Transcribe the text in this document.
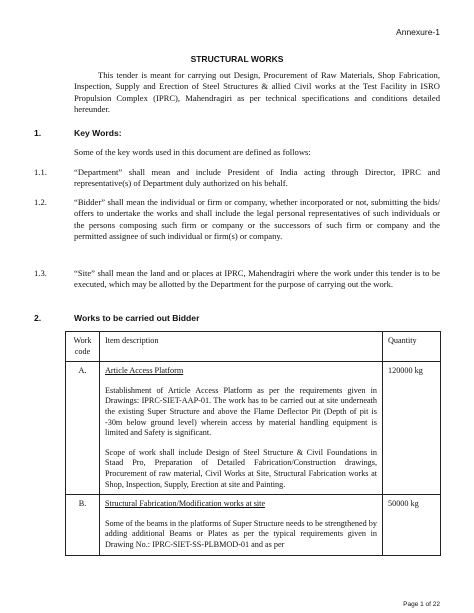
Annexure-1
STRUCTURAL WORKS
This tender is meant for carrying out Design, Procurement of Raw Materials, Shop Fabrication, Inspection, Supply and Erection of Steel Structures & allied Civil works at the Test Facility in ISRO Propulsion Complex (IPRC), Mahendragiri as per technical specifications and conditions detailed hereunder.
1.	Key Words:
Some of the key words used in this document are defined as follows:
1.1.	“Department” shall mean and include President of India acting through Director, IPRC and representative(s) of Department duly authorized on his behalf.
1.2.	“Bidder” shall mean the individual or firm or company, whether incorporated or not, submitting the bids/ offers to undertake the works and shall include the legal personal representatives of such individuals or the persons composing such firm or company or the successors of such firm or company and the permitted assignee of such individual or firm(s) or company.
1.3.	“Site” shall mean the land and or places at IPRC, Mahendragiri where the work under this tender is to be executed, which may be allotted by the Department for the purpose of carrying out the work.
2.	Works to be carried out Bidder
Work code	Item description	Quantity
A.	Article Access Platform

Establishment of Article Access Platform as per the requirements given in Drawings: IPRC-SIET-AAP-01. The work has to be carried out at site underneath the existing Super Structure and above the Flame Deflector Pit (Depth of pit is -30m below ground level) wherein access by material handling equipment is limited and Safety is significant.

Scope of work shall include Design of Steel Structure & Civil Foundations in Staad Pro, Preparation of Detailed Fabrication/Construction drawings, Procurement of raw material, Civil Works at Site, Structural Fabrication works at Shop, Inspection, Supply, Erection at site and Painting.	120000 kg
B.	Structural Fabrication/Modification works at site

Some of the beams in the platforms of Super Structure needs to be strengthened by adding additional Beams or Plates as per the typical requirements given in Drawing No.: IPRC-SIET-SS-PLBMOD-01 and as per	50000 kg
Page 1 of 22
